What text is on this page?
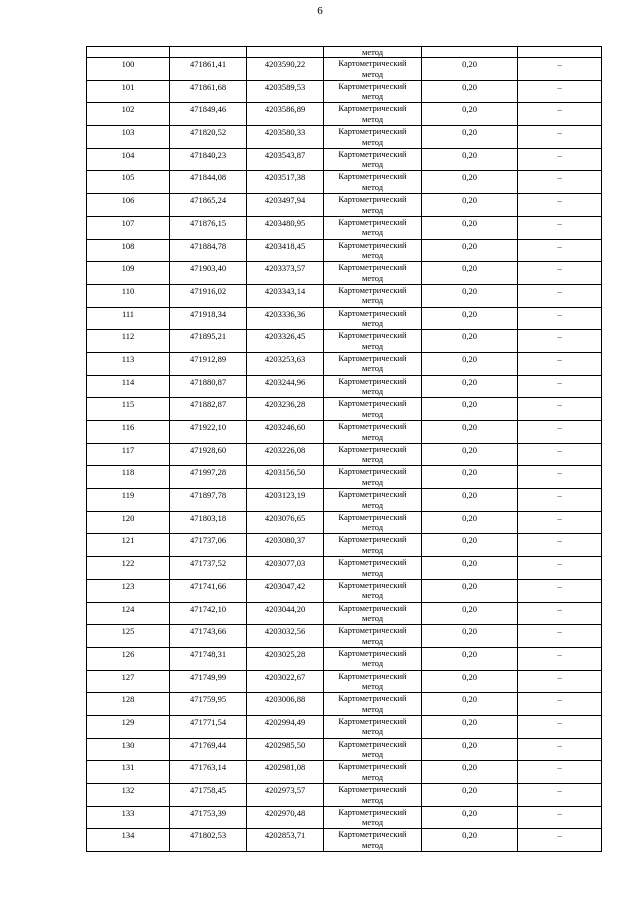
6
			метод		

100	471861,41	4203590,22	Картометрический
метод	0,20	–

101	471861,68	4203589,53	Картометрический
метод	0,20	–

102	471849,46	4203586,89	Картометрический
метод	0,20	–

103	471820,52	4203580,33	Картометрический
метод	0,20	–

104	471840,23	4203543,87	Картометрический
метод	0,20	–

105	471844,08	4203517,38	Картометрический
метод	0,20	–

106	471865,24	4203497,94	Картометрический
метод	0,20	–

107	471876,15	4203480,95	Картометрический
метод	0,20	–

108	471884,78	4203418,45	Картометрический
метод	0,20	–

109	471903,40	4203373,57	Картометрический
метод	0,20	–

110	471916,02	4203343,14	Картометрический
метод	0,20	–

111	471918,34	4203336,36	Картометрический
метод	0,20	–

112	471895,21	4203326,45	Картометрический
метод	0,20	–

113	471912,89	4203253,63	Картометрический
метод	0,20	–

114	471880,87	4203244,96	Картометрический
метод	0,20	–

115	471882,87	4203236,28	Картометрический
метод	0,20	–

116	471922,10	4203246,60	Картометрический
метод	0,20	–

117	471928,60	4203226,08	Картометрический
метод	0,20	–

118	471997,28	4203156,50	Картометрический
метод	0,20	–

119	471897,78	4203123,19	Картометрический
метод	0,20	–

120	471803,18	4203076,65	Картометрический
метод	0,20	–

121	471737,06	4203080,37	Картометрический
метод	0,20	–

122	471737,52	4203077,03	Картометрический
метод	0,20	–

123	471741,66	4203047,42	Картометрический
метод	0,20	–

124	471742,10	4203044,20	Картометрический
метод	0,20	–

125	471743,66	4203032,56	Картометрический
метод	0,20	–

126	471748,31	4203025,28	Картометрический
метод	0,20	–

127	471749,99	4203022,67	Картометрический
метод	0,20	–

128	471759,95	4203006,88	Картометрический
метод	0,20	–

129	471771,54	4202994,49	Картометрический
метод	0,20	–

130	471769,44	4202985,50	Картометрический
метод	0,20	–

131	471763,14	4202981,08	Картометрический
метод	0,20	–

132	471758,45	4202973,57	Картометрический
метод	0,20	–

133	471753,39	4202970,48	Картометрический
метод	0,20	–

134	471802,53	4202853,71	Картометрический
метод	0,20	–
